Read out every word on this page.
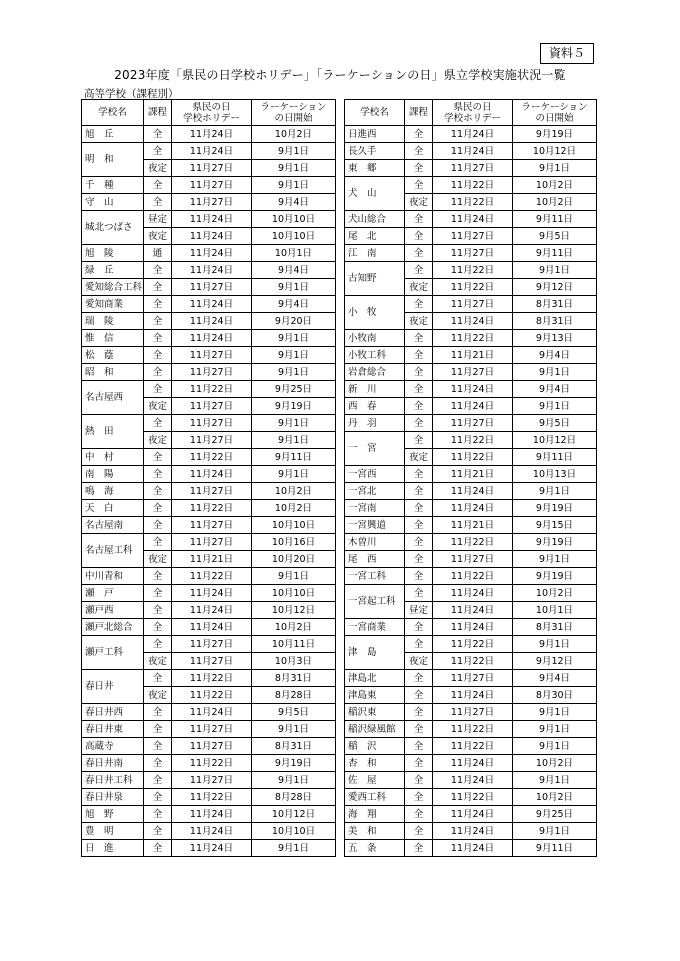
資料５
2023年度「県民の日学校ホリデー」「ラーケーションの日」県立学校実施状況一覧
高等学校（課程別）
学校名	課程	県民の日
学校ホリデー	ラーケーション
の日開始
旭　丘	全	11月24日	10月2日
明　和	全	11月24日	9月1日
	夜定	11月27日	9月1日
千　種	全	11月27日	9月1日
守　山	全	11月27日	9月4日
城北つばさ	昼定	11月24日	10月10日
	夜定	11月24日	10月10日
旭　陵	通	11月24日	10月1日
緑　丘	全	11月24日	9月4日
愛知総合工科	全	11月27日	9月1日
愛知商業	全	11月24日	9月4日
瑞　陵	全	11月24日	9月20日
惟　信	全	11月24日	9月1日
松　蔭	全	11月27日	9月1日
昭　和	全	11月27日	9月1日
名古屋西	全	11月22日	9月25日
	夜定	11月27日	9月19日
熱　田	全	11月27日	9月1日
	夜定	11月27日	9月1日
中　村	全	11月22日	9月11日
南　陽	全	11月24日	9月1日
鳴　海	全	11月27日	10月2日
天　白	全	11月22日	10月2日
名古屋南	全	11月27日	10月10日
名古屋工科	全	11月27日	10月16日
	夜定	11月21日	10月20日
中川青和	全	11月22日	9月1日
瀬　戸	全	11月24日	10月10日
瀬戸西	全	11月24日	10月12日
瀬戸北総合	全	11月24日	10月2日
瀬戸工科	全	11月27日	10月11日
	夜定	11月27日	10月3日
春日井	全	11月22日	8月31日
	夜定	11月22日	8月28日
春日井西	全	11月24日	9月5日
春日井東	全	11月27日	9月1日
高蔵寺	全	11月27日	8月31日
春日井南	全	11月22日	9月19日
春日井工科	全	11月27日	9月1日
春日井泉	全	11月22日	8月28日
旭　野	全	11月24日	10月12日
豊　明	全	11月24日	10月10日
日　進	全	11月24日	9月1日
学校名	課程	県民の日
学校ホリデー	ラーケーション
の日開始
日進西	全	11月24日	9月19日
長久手	全	11月24日	10月12日
東　郷	全	11月27日	9月1日
犬　山	全	11月22日	10月2日
	夜定	11月22日	10月2日
犬山総合	全	11月24日	9月11日
尾　北	全	11月27日	9月5日
江　南	全	11月27日	9月11日
古知野	全	11月22日	9月1日
	夜定	11月22日	9月12日
小　牧	全	11月27日	8月31日
	夜定	11月24日	8月31日
小牧南	全	11月22日	9月13日
小牧工科	全	11月21日	9月4日
岩倉総合	全	11月27日	9月1日
新　川	全	11月24日	9月4日
西　春	全	11月24日	9月1日
丹　羽	全	11月27日	9月5日
一　宮	全	11月22日	10月12日
	夜定	11月22日	9月11日
一宮西	全	11月21日	10月13日
一宮北	全	11月24日	9月1日
一宮南	全	11月24日	9月19日
一宮興道	全	11月21日	9月15日
木曽川	全	11月22日	9月19日
尾　西	全	11月27日	9月1日
一宮工科	全	11月22日	9月19日
一宮起工科	全	11月24日	10月2日
	昼定	11月24日	10月1日
一宮商業	全	11月24日	8月31日
津　島	全	11月22日	9月1日
	夜定	11月22日	9月12日
津島北	全	11月27日	9月4日
津島東	全	11月24日	8月30日
稲沢東	全	11月27日	9月1日
稲沢緑風館	全	11月22日	9月1日
稲　沢	全	11月22日	9月1日
杏　和	全	11月24日	10月2日
佐　屋	全	11月24日	9月1日
愛西工科	全	11月22日	10月2日
海　翔	全	11月24日	9月25日
美　和	全	11月24日	9月1日
五　条	全	11月24日	9月11日
